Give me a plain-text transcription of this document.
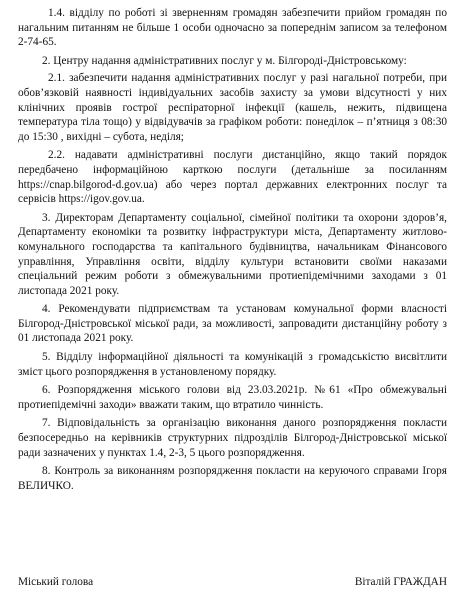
1.4. відділу по роботі зі зверненням громадян забезпечити прийом громадян по нагальним питанням не більше 1 особи одночасно за попереднім записом за телефоном 2-74-65.

2. Центру надання адміністративних послуг у м. Білгороді-Дністровському:

2.1. забезпечити надання адміністративних послуг у разі нагальної потреби, при обов’язковій наявності індивідуальних засобів захисту за умови відсутності у них клінічних проявів гострої респіраторної інфекції (кашель, нежить, підвищена температура тіла тощо) у відвідувачів за графіком роботи: понеділок – п’ятниця з 08:30 до 15:30 , вихідні – субота, неділя;

2.2. надавати адміністративні послуги дистанційно, якщо такий порядок передбачено інформаційною карткою послуги (детальніше за посиланням https://cnap.bilgorod-d.gov.ua) або через портал державних електронних послуг та сервісів https://igov.gov.ua.

3. Директорам Департаменту соціальної, сімейної політики та охорони здоров’я, Департаменту економіки та розвитку інфраструктури міста, Департаменту житлово-комунального господарства та капітального будівництва, начальникам Фінансового управління, Управління освіти, відділу культури встановити своїми наказами спеціальний режим роботи з обмежувальними протиепідемічними заходами з 01 листопада 2021 року.

4. Рекомендувати підприємствам та установам комунальної форми власності Білгород-Дністровської міської ради, за можливості, запровадити дистанційну роботу з 01 листопада 2021 року.

5. Відділу інформаційної діяльності та комунікацій з громадськістю висвітлити зміст цього розпорядження в установленому порядку.

6. Розпорядження міського голови від 23.03.2021р. №61 «Про обмежувальні протиепідемічні заходи» вважати таким, що втратило чинність.

7. Відповідальність за організацію виконання даного розпорядження покласти безпосередньо на керівників структурних підрозділів Білгород-Дністровської міської ради зазначених у пунктах 1.4, 2-3, 5 цього розпорядження.

8. Контроль за виконанням розпорядження покласти на керуючого справами Ігоря ВЕЛИЧКО.

Міський голова	Віталій ГРАЖДАН
